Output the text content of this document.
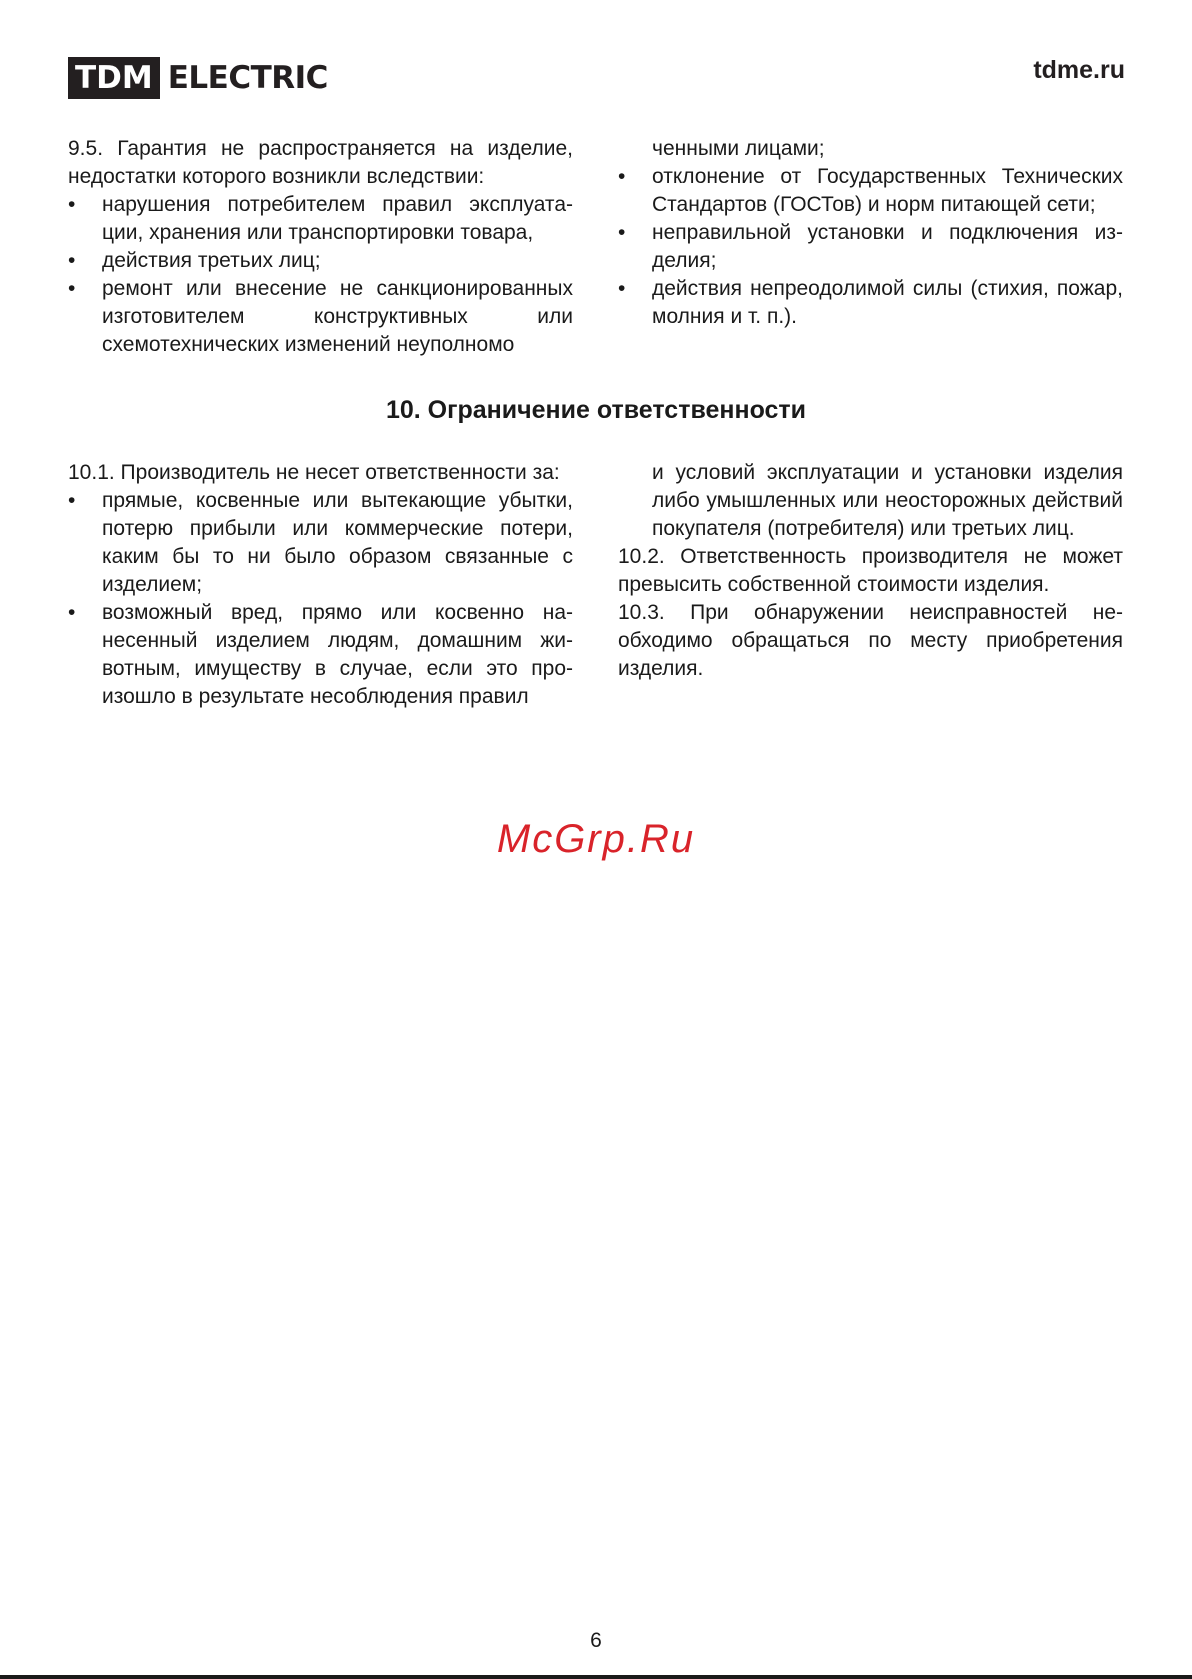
TDM ELECTRIC	tdme.ru

9.5. Гарантия не распространяется на изделие, недостатки которого возникли вследствии:

• нарушения потребителем правил эксплуатации, хранения или транспортировки товара,
• действия третьих лиц;
• ремонт или внесение не санкционированных изготовителем конструктивных или схемотехнических изменений неуполномо

ченными лицами;

• отклонение от Государственных Технических Стандартов (ГОСТов) и норм питающей сети;
• неправильной установки и подключения изделия;
• действия непреодолимой силы (стихия, пожар, молния и т. п.).
10. Ограничение ответственности

10.1. Производитель не несет ответственности за:

• прямые, косвенные или вытекающие убытки, потерю прибыли или коммерческие потери, каким бы то ни было образом связанные с изделием;
• возможный вред, прямо или косвенно нанесенный изделием людям, домашним животным, имуществу в случае, если это произошло в результате несоблюдения правил

и условий эксплуатации и установки изделия либо умышленных или неосторожных действий покупателя (потребителя) или третьих лиц.

10.2. Ответственность производителя не может превысить собственной стоимости изделия.

10.3. При обнаружении неисправностей необходимо обращаться по месту приобретения изделия.

McGrp.Ru
6
